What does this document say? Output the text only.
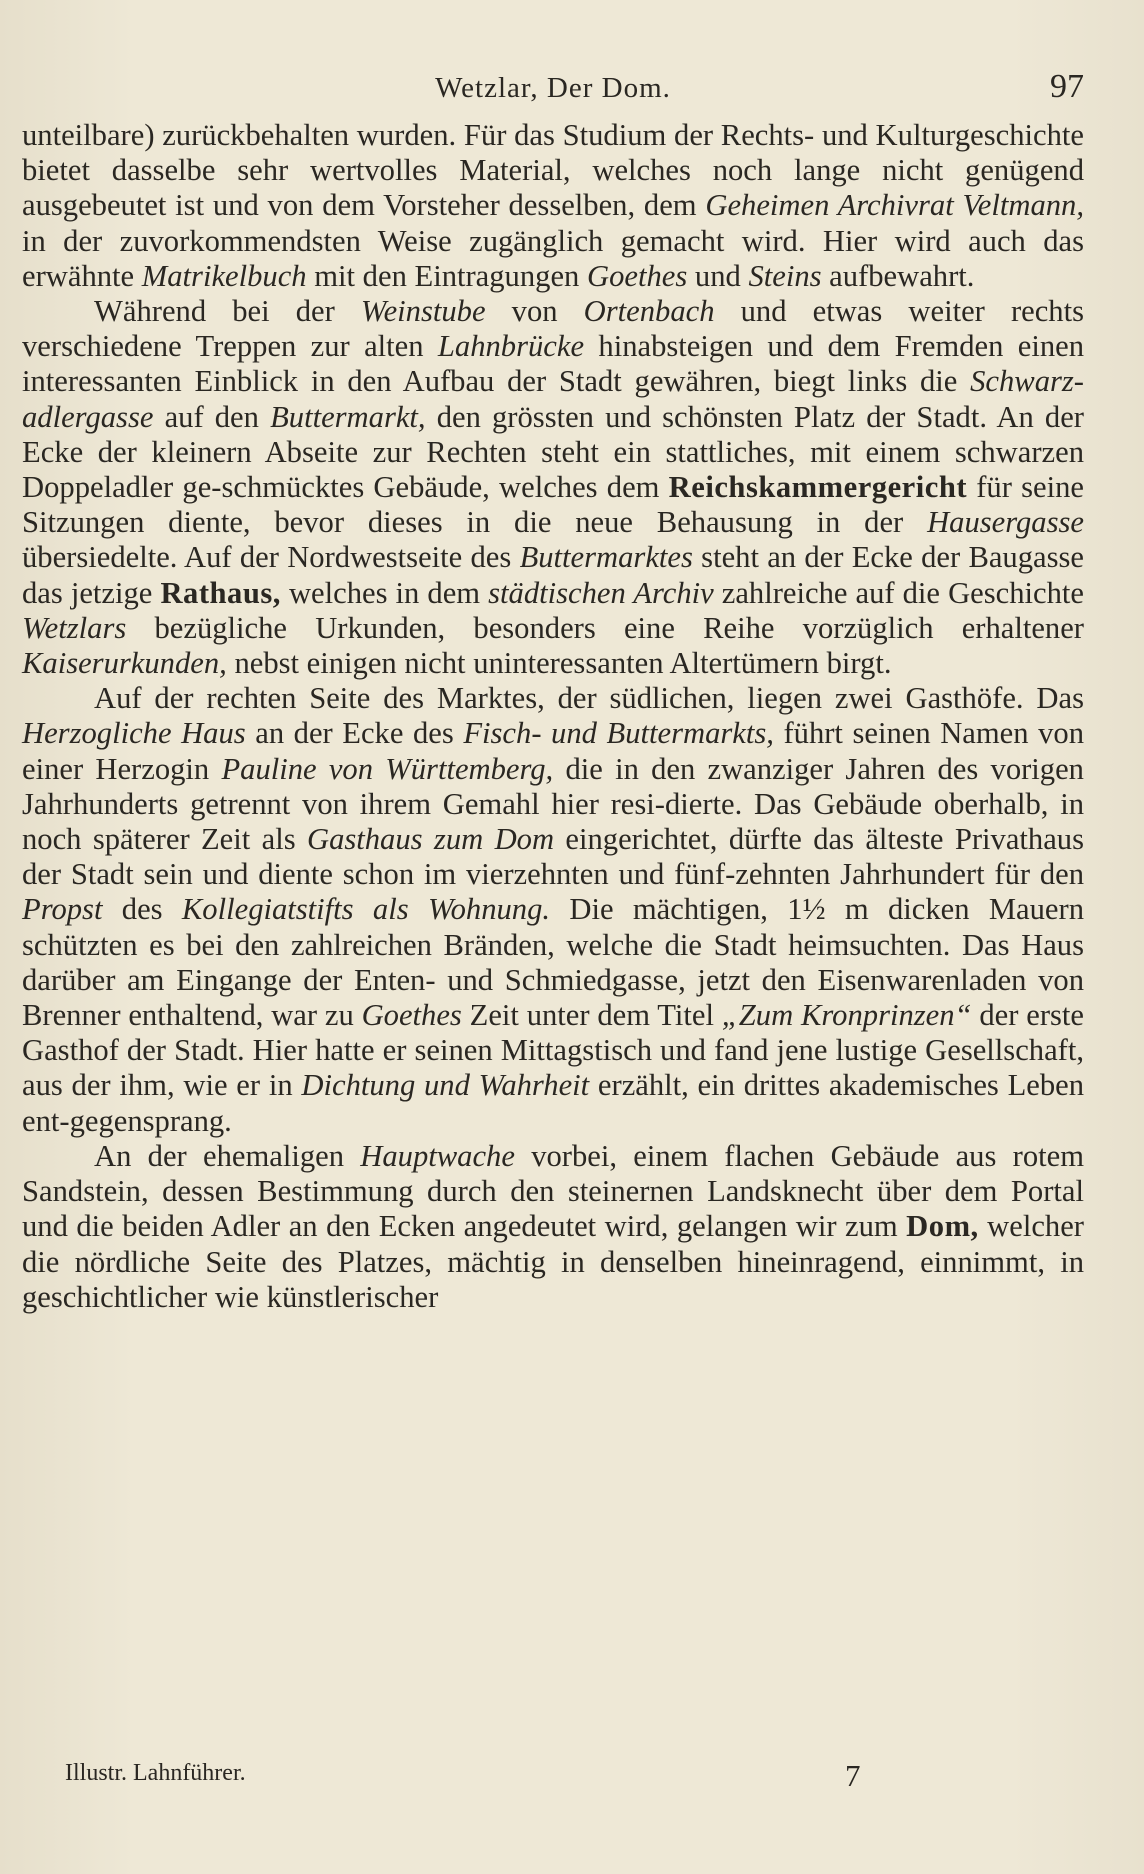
Wetzlar, Der Dom.	97

unteilbare) zurückbehalten wurden. Für das Studium der Rechts- und Kulturgeschichte bietet dasselbe sehr wertvolles Material, welches noch lange nicht genügend ausgebeutet ist und von dem Vorsteher desselben, dem Geheimen Archivrat Veltmann, in der zuvorkommendsten Weise zugänglich gemacht wird. Hier wird auch das erwähnte Matrikelbuch mit den Eintragungen Goethes und Steins aufbewahrt.

Während bei der Weinstube von Ortenbach und etwas weiter rechts verschiedene Treppen zur alten Lahnbrücke hinabsteigen und dem Fremden einen interessanten Einblick in den Aufbau der Stadt gewähren, biegt links die Schwarz-adlergasse auf den Buttermarkt, den grössten und schönsten Platz der Stadt. An der Ecke der kleinern Abseite zur Rechten steht ein stattliches, mit einem schwarzen Doppeladler ge-schmücktes Gebäude, welches dem Reichskammergericht für seine Sitzungen diente, bevor dieses in die neue Behausung in der Hausergasse übersiedelte. Auf der Nordwestseite des Buttermarktes steht an der Ecke der Baugasse das jetzige Rathaus, welches in dem städtischen Archiv zahlreiche auf die Geschichte Wetzlars bezügliche Urkunden, besonders eine Reihe vorzüglich erhaltener Kaiserurkunden, nebst einigen nicht uninteressanten Altertümern birgt.

Auf der rechten Seite des Marktes, der südlichen, liegen zwei Gasthöfe. Das Herzogliche Haus an der Ecke des Fisch- und Buttermarkts, führt seinen Namen von einer Herzogin Pauline von Württemberg, die in den zwanziger Jahren des vorigen Jahrhunderts getrennt von ihrem Gemahl hier resi-dierte. Das Gebäude oberhalb, in noch späterer Zeit als Gasthaus zum Dom eingerichtet, dürfte das älteste Privathaus der Stadt sein und diente schon im vierzehnten und fünf-zehnten Jahrhundert für den Propst des Kollegiatstifts als Wohnung. Die mächtigen, 1½ m dicken Mauern schützten es bei den zahlreichen Bränden, welche die Stadt heimsuchten. Das Haus darüber am Eingange der Enten- und Schmiedgasse, jetzt den Eisenwarenladen von Brenner enthaltend, war zu Goethes Zeit unter dem Titel „Zum Kronprinzen“ der erste Gasthof der Stadt. Hier hatte er seinen Mittagstisch und fand jene lustige Gesellschaft, aus der ihm, wie er in Dichtung und Wahrheit erzählt, ein drittes akademisches Leben ent-gegensprang.

An der ehemaligen Hauptwache vorbei, einem flachen Gebäude aus rotem Sandstein, dessen Bestimmung durch den steinernen Landsknecht über dem Portal und die beiden Adler an den Ecken angedeutet wird, gelangen wir zum Dom, welcher die nördliche Seite des Platzes, mächtig in denselben hineinragend, einnimmt, in geschichtlicher wie künstlerischer

Illustr. Lahnführer.	7
